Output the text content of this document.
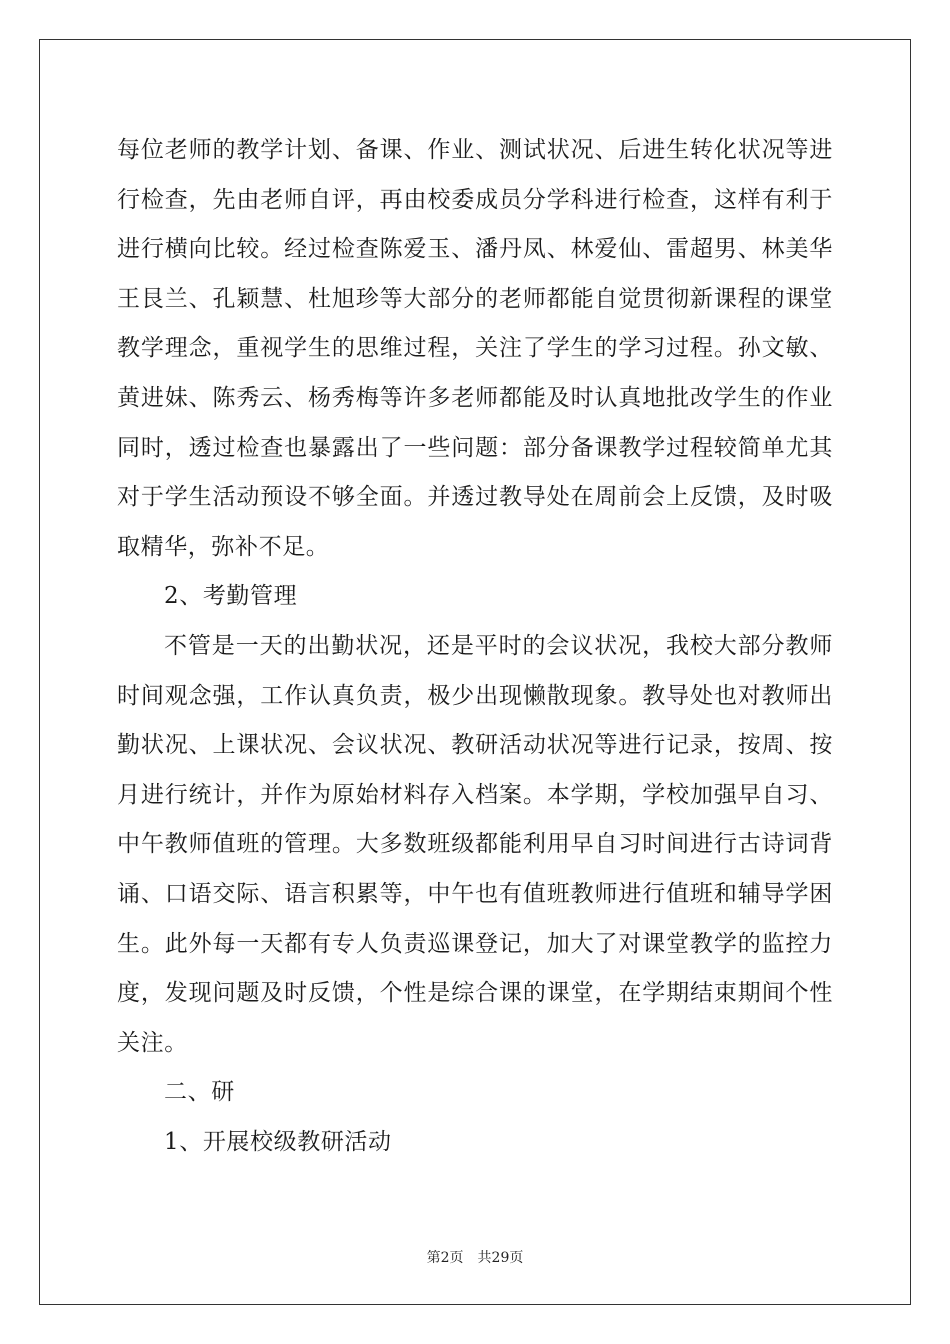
每位老师的教学计划、备课、作业、测试状况、后进生转化状况等进
行检查，先由老师自评，再由校委成员分学科进行检查，这样有利于
进行横向比较。经过检查陈爱玉、潘丹凤、林爱仙、雷超男、林美华
王艮兰、孔颖慧、杜旭珍等大部分的老师都能自觉贯彻新课程的课堂
教学理念，重视学生的思维过程，关注了学生的学习过程。孙文敏、
黄进妹、陈秀云、杨秀梅等许多老师都能及时认真地批改学生的作业
同时，透过检查也暴露出了一些问题：部分备课教学过程较简单尤其
对于学生活动预设不够全面。并透过教导处在周前会上反馈，及时吸
取精华，弥补不足。
2、考勤管理
不管是一天的出勤状况，还是平时的会议状况，我校大部分教师
时间观念强，工作认真负责，极少出现懒散现象。教导处也对教师出
勤状况、上课状况、会议状况、教研活动状况等进行记录，按周、按
月进行统计，并作为原始材料存入档案。本学期，学校加强早自习、
中午教师值班的管理。大多数班级都能利用早自习时间进行古诗词背
诵、口语交际、语言积累等，中午也有值班教师进行值班和辅导学困
生。此外每一天都有专人负责巡课登记，加大了对课堂教学的监控力
度，发现问题及时反馈，个性是综合课的课堂，在学期结束期间个性
关注。
二、研
1、开展校级教研活动
第2页 共29页
